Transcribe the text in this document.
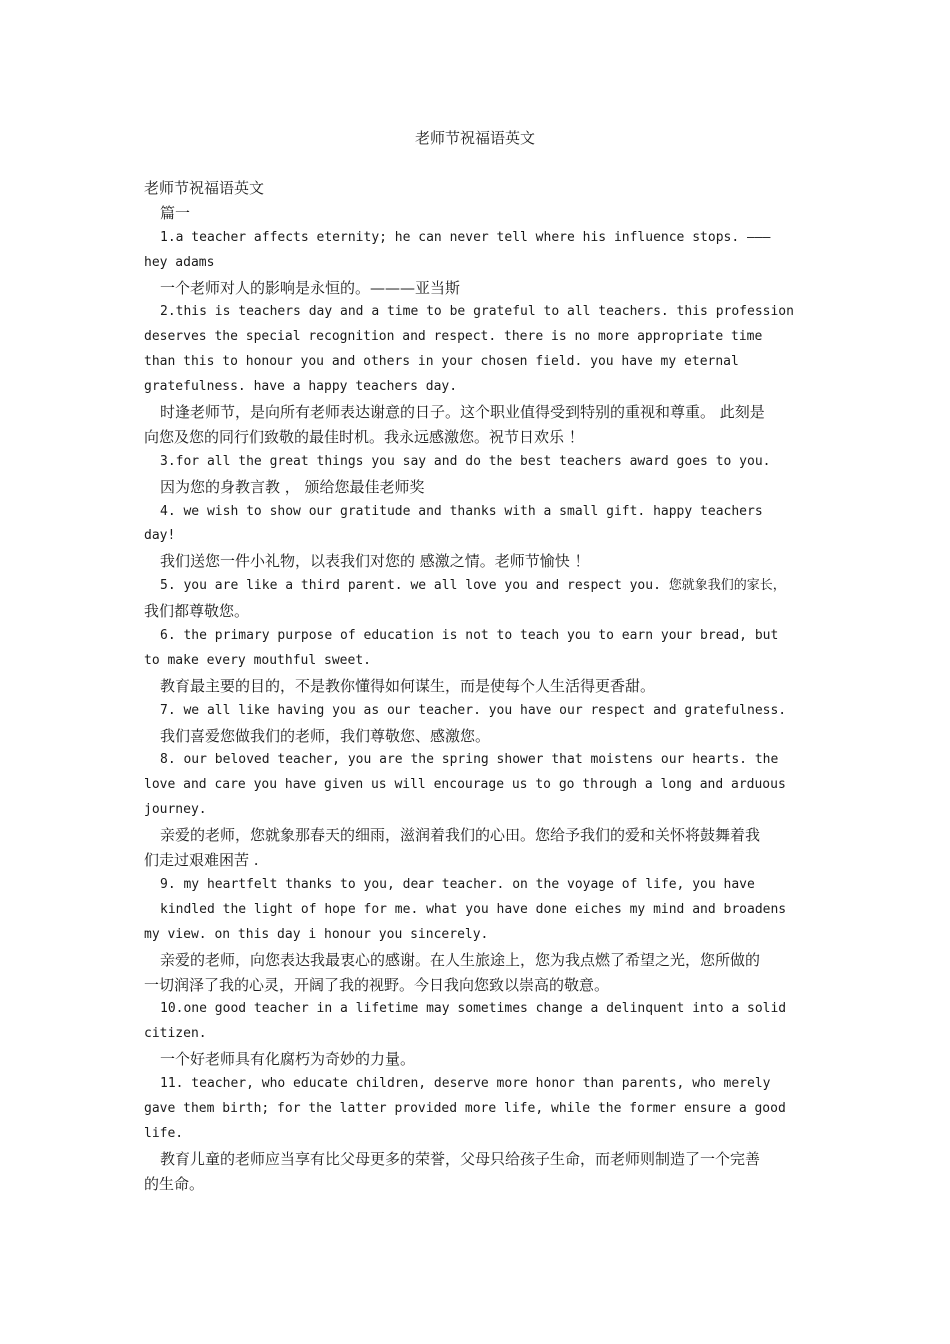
老师节祝福语英文
老师节祝福语英文
篇一
1.a teacher affects eternity; he can never tell where his influence stops. ———
hey adams
一个老师对人的影响是永恒的。———亚当斯
2.this is teachers day and a time to be grateful to all teachers. this profession
deserves the special recognition and respect. there is no more appropriate time
than this to honour you and others in your chosen field. you have my eternal
gratefulness. have a happy teachers day.
时逢老师节，是向所有老师表达谢意的日子。这个职业值得受到特别的重视和尊重。 此刻是
向您及您的同行们致敬的最佳时机。我永远感激您。祝节日欢乐 ！
3.for all the great things you say and do the best teachers award goes to you.
因为您的身教言教 ， 颁给您最佳老师奖
4. we wish to show our gratitude and thanks with a small gift. happy teachers
day!
我们送您一件小礼物，以表我们对您的 感激之情。老师节愉快 ！
5. you are like a third parent. we all love you and respect you. 您就象我们的家长，
我们都尊敬您。
6. the primary purpose of education is not to teach you to earn your bread, but
to make every mouthful sweet.
教育最主要的目的，不是教你懂得如何谋生，而是使每个人生活得更香甜。
7. we all like having you as our teacher. you have our respect and gratefulness.
我们喜爱您做我们的老师，我们尊敬您、感激您。
8. our beloved teacher, you are the spring shower that moistens our hearts. the
love and care you have given us will encourage us to go through a long and arduous
journey.
亲爱的老师，您就象那春天的细雨，滋润着我们的心田。您给予我们的爱和关怀将鼓舞着我
们走过艰难困苦 .
9. my heartfelt thanks to you, dear teacher. on the voyage of life, you have
kindled the light of hope for me. what you have done eiches my mind and broadens
my view. on this day i honour you sincerely.
亲爱的老师，向您表达我最衷心的感谢。在人生旅途上，您为我点燃了希望之光，您所做的
一切润泽了我的心灵，开阔了我的视野。今日我向您致以崇高的敬意。
10.one good teacher in a lifetime may sometimes change a delinquent into a solid
citizen.
一个好老师具有化腐朽为奇妙的力量。
11. teacher, who educate children, deserve more honor than parents, who merely
gave them birth; for the latter provided more life, while the former ensure a good
life.
教育儿童的老师应当享有比父母更多的荣誉，父母只给孩子生命，而老师则制造了一个完善
的生命。
